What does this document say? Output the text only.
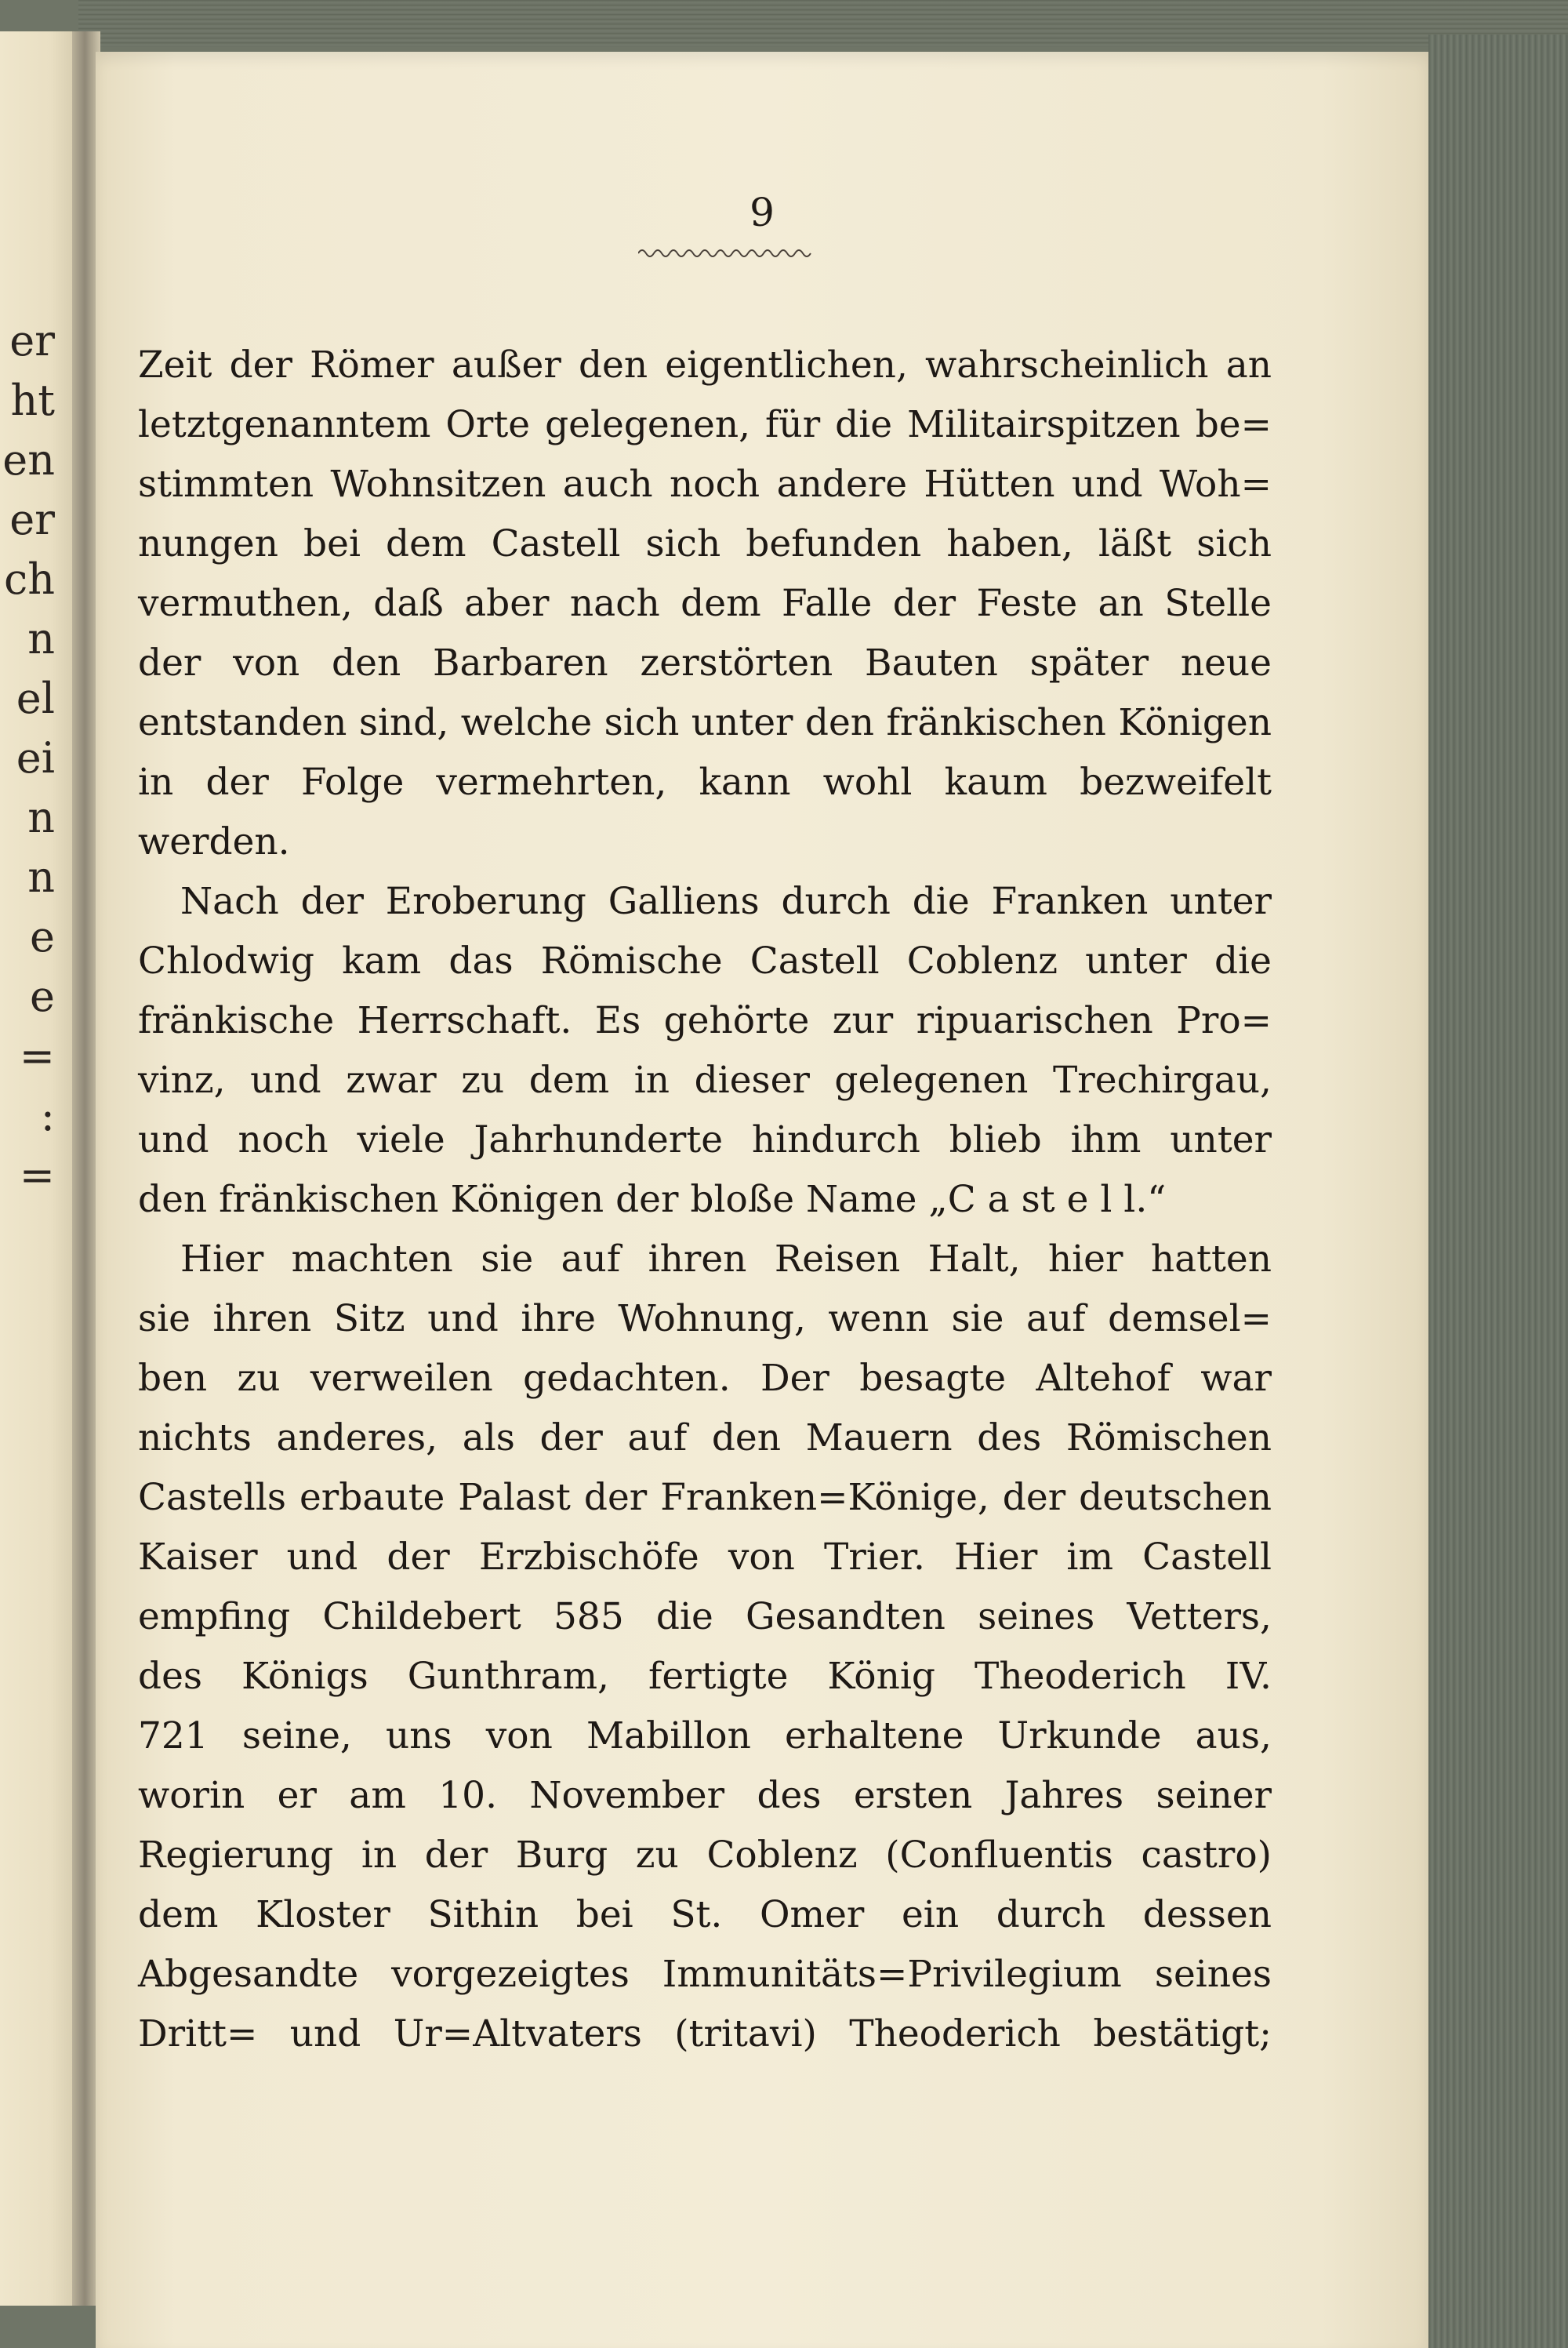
er
ht
en
er
ch
n
el
ei
n
n
e
e
=
:
=
9
Zeit der Römer außer den eigentlichen, wahrscheinlich an
letztgenanntem Orte gelegenen, für die Militairspitzen be=
stimmten Wohnsitzen auch noch andere Hütten und Woh=
nungen bei dem Castell sich befunden haben, läßt sich
vermuthen, daß aber nach dem Falle der Feste an Stelle
der von den Barbaren zerstörten Bauten später neue
entstanden sind, welche sich unter den fränkischen Königen
in der Folge vermehrten, kann wohl kaum bezweifelt
werden.
Nach der Eroberung Galliens durch die Franken unter
Chlodwig kam das Römische Castell Coblenz unter die
fränkische Herrschaft. Es gehörte zur ripuarischen Pro=
vinz, und zwar zu dem in dieser gelegenen Trechirgau,
und noch viele Jahrhunderte hindurch blieb ihm unter
den fränkischen Königen der bloße Name „C a st e l l.“
Hier machten sie auf ihren Reisen Halt, hier hatten
sie ihren Sitz und ihre Wohnung, wenn sie auf demsel=
ben zu verweilen gedachten. Der besagte Altehof war
nichts anderes, als der auf den Mauern des Römischen
Castells erbaute Palast der Franken=Könige, der deutschen
Kaiser und der Erzbischöfe von Trier. Hier im Castell
empfing Childebert 585 die Gesandten seines Vetters,
des Königs Gunthram, fertigte König Theoderich IV.
721 seine, uns von Mabillon erhaltene Urkunde aus,
worin er am 10. November des ersten Jahres seiner
Regierung in der Burg zu Coblenz (Confluentis castro)
dem Kloster Sithin bei St. Omer ein durch dessen
Abgesandte vorgezeigtes Immunitäts=Privilegium seines
Dritt= und Ur=Altvaters (tritavi) Theoderich bestätigt;
